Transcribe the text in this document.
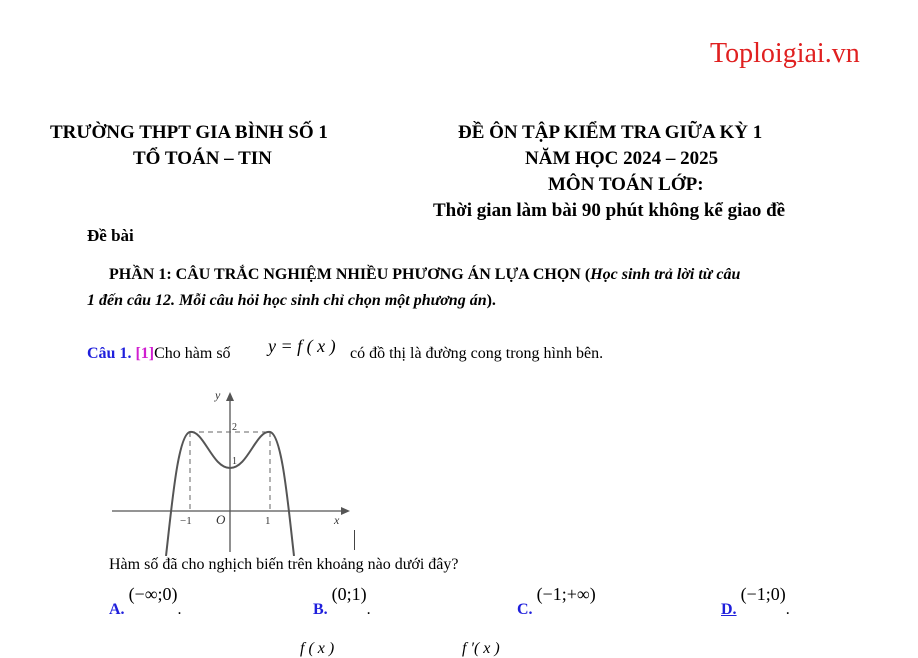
Toploigiai.vn
TRƯỜNG THPT GIA BÌNH SỐ 1
TỔ TOÁN – TIN
ĐỀ ÔN TẬP KIỂM TRA GIỮA KỲ 1
NĂM HỌC 2024 – 2025
MÔN TOÁN LỚP:
Thời gian làm bài 90 phút không kể giao đề
Đề bài
PHẦN 1: CÂU TRẮC NGHIỆM NHIỀU PHƯƠNG ÁN LỰA CHỌN (Học sinh trả lời từ câu
1 đến câu 12. Mỗi câu hỏi học sinh chỉ chọn một phương án).
Câu 1. [1]Cho hàm số y = f ( x ) có đồ thị là đường cong trong hình bên.
y
x
O
−1	1
1
2
Hàm số đã cho nghịch biến trên khoảng nào dưới đây?
A. (−∞;0).	B. (0;1).	C. (−1;+∞)
D. (−1;0).
f ( x )	f ′( x )
